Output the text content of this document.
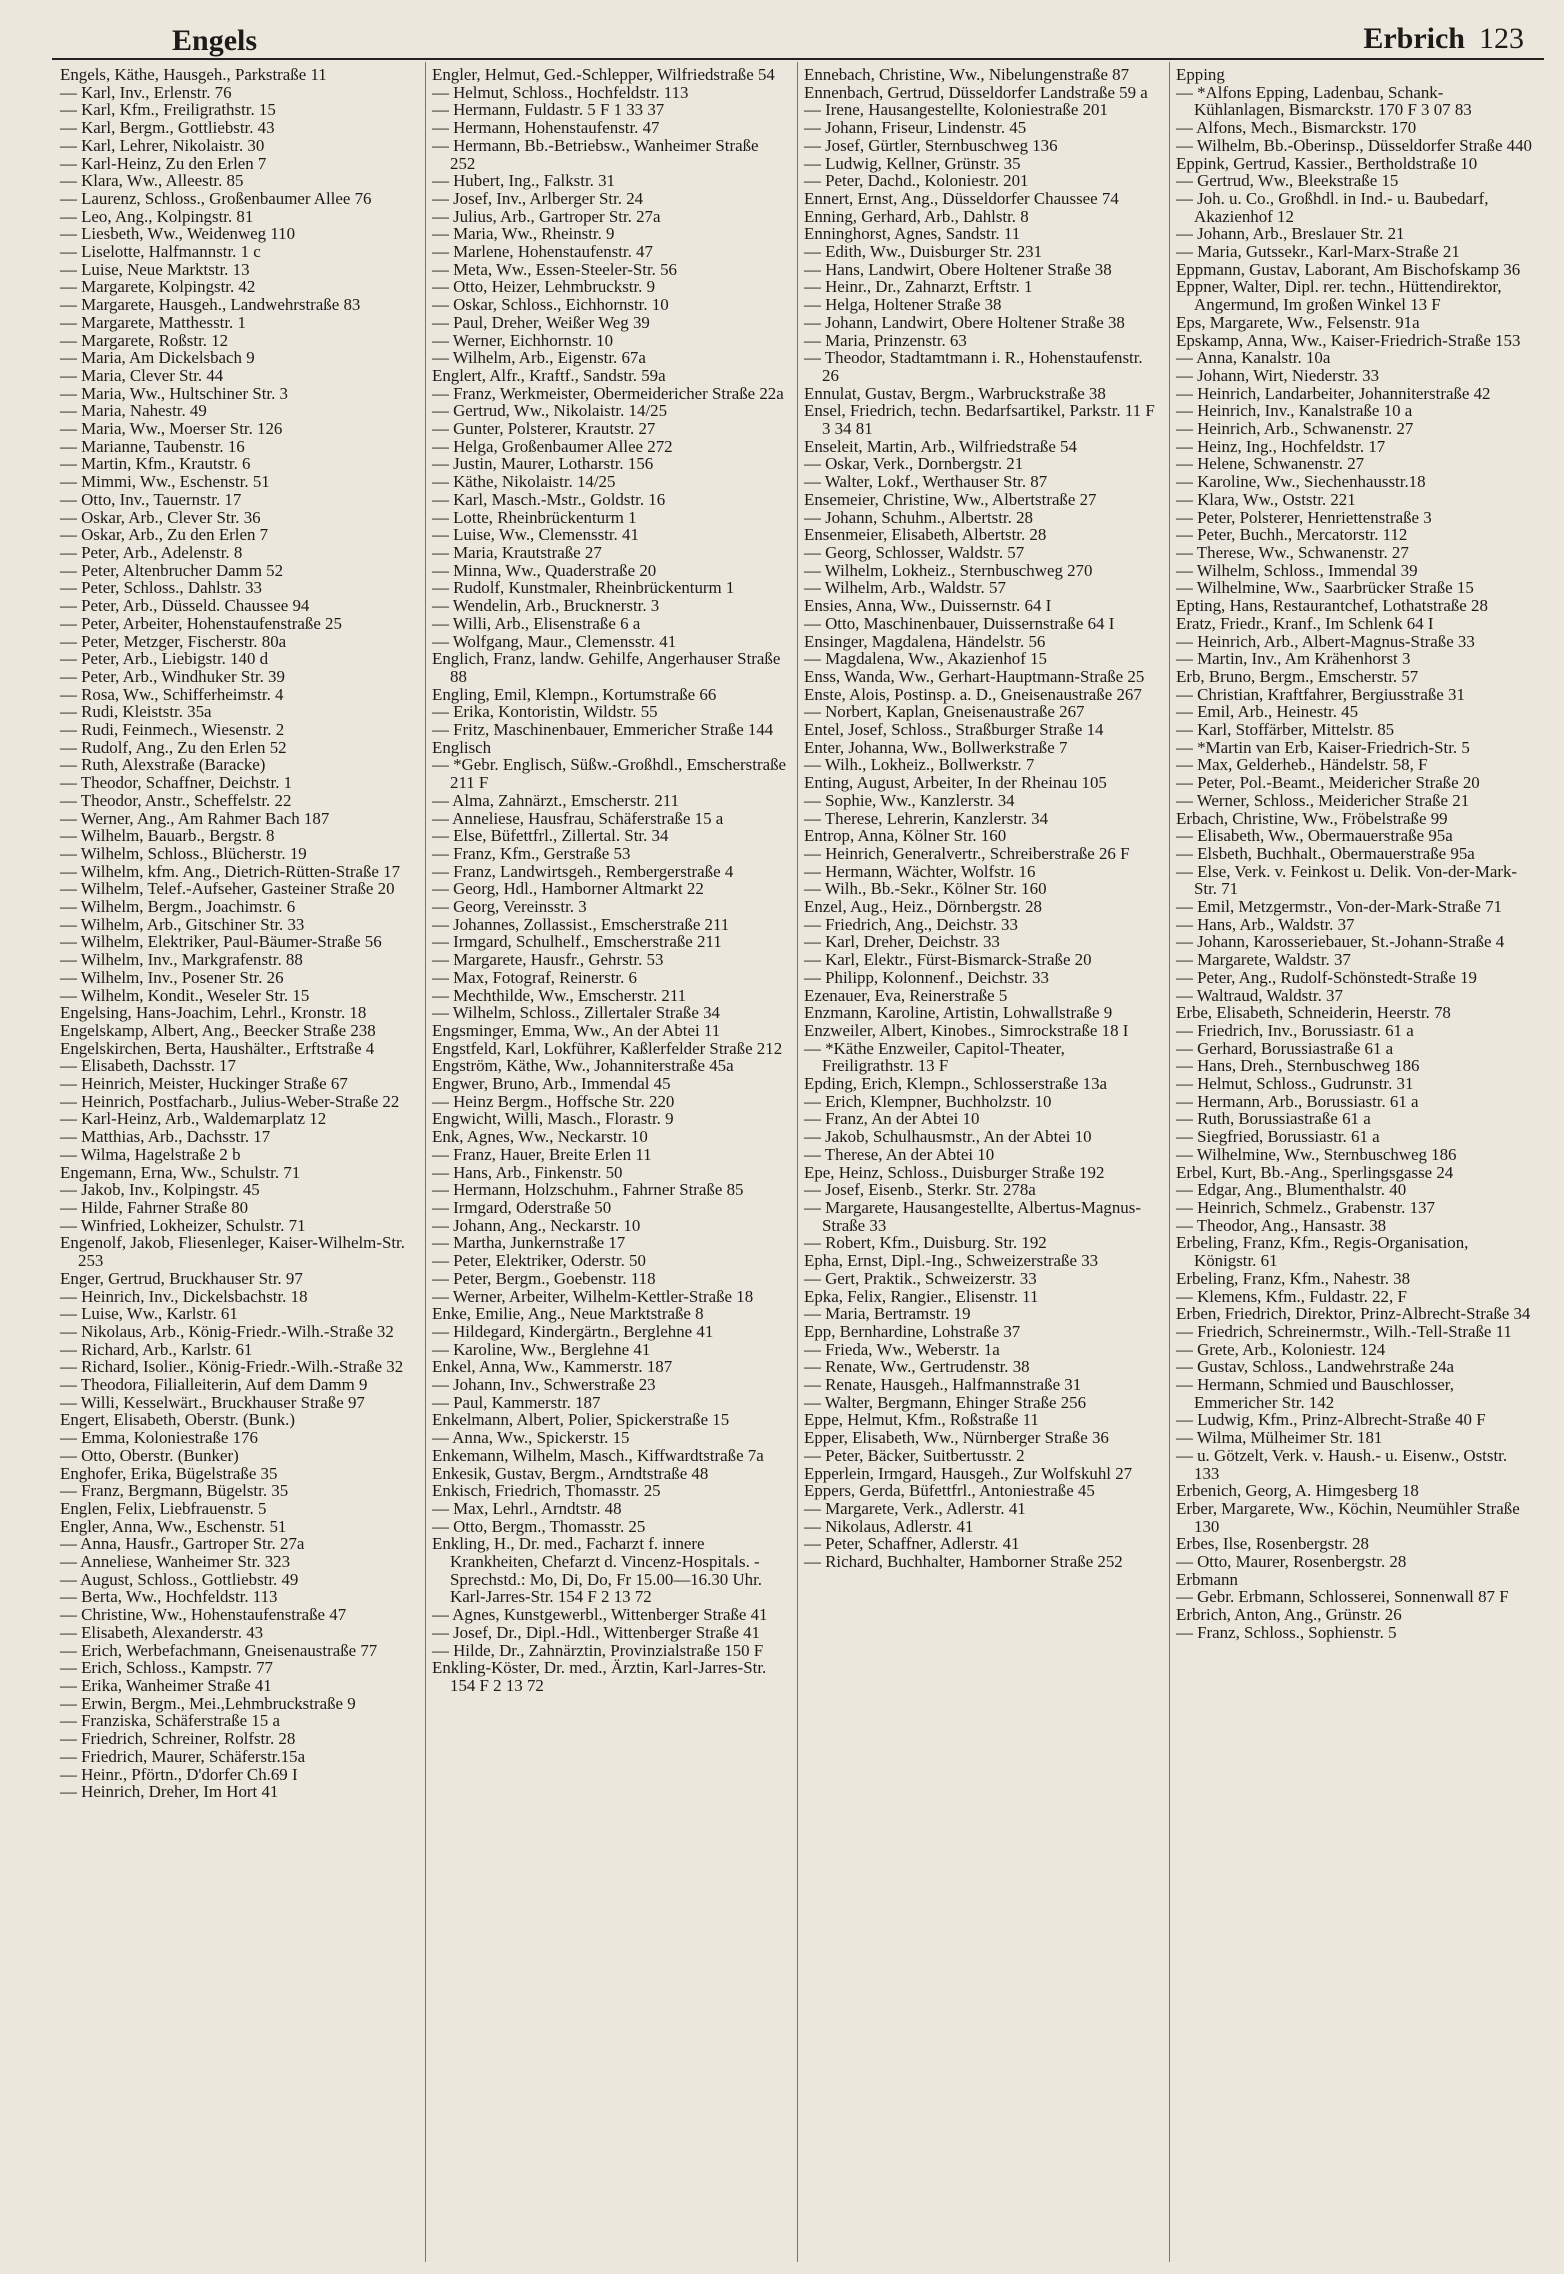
Engels	Erbrich 123

Engels, Käthe, Hausgeh., Parkstraße 11

— Karl, Inv., Erlenstr. 76

— Karl, Kfm., Freiligrathstr. 15

— Karl, Bergm., Gottliebstr. 43

— Karl, Lehrer, Nikolaistr. 30

— Karl-Heinz, Zu den Erlen 7

— Klara, Ww., Alleestr. 85

— Laurenz, Schloss., Großenbaumer Allee 76

— Leo, Ang., Kolpingstr. 81

— Liesbeth, Ww., Weidenweg 110

— Liselotte, Halfmannstr. 1 c

— Luise, Neue Marktstr. 13

— Margarete, Kolpingstr. 42

— Margarete, Hausgeh., Landwehrstraße 83

— Margarete, Matthesstr. 1

— Margarete, Roßstr. 12

— Maria, Am Dickelsbach 9

— Maria, Clever Str. 44

— Maria, Ww., Hultschiner Str. 3

— Maria, Nahestr. 49

— Maria, Ww., Moerser Str. 126

— Marianne, Taubenstr. 16

— Martin, Kfm., Krautstr. 6

— Mimmi, Ww., Eschenstr. 51

— Otto, Inv., Tauernstr. 17

— Oskar, Arb., Clever Str. 36

— Oskar, Arb., Zu den Erlen 7

— Peter, Arb., Adelenstr. 8

— Peter, Altenbrucher Damm 52

— Peter, Schloss., Dahlstr. 33

— Peter, Arb., Düsseld. Chaussee 94

— Peter, Arbeiter, Hohenstaufenstraße 25

— Peter, Metzger, Fischerstr. 80a

— Peter, Arb., Liebigstr. 140 d

— Peter, Arb., Windhuker Str. 39

— Rosa, Ww., Schifferheimstr. 4

— Rudi, Kleiststr. 35a

— Rudi, Feinmech., Wiesenstr. 2

— Rudolf, Ang., Zu den Erlen 52

— Ruth, Alexstraße (Baracke)

— Theodor, Schaffner, Deichstr. 1

— Theodor, Anstr., Scheffelstr. 22

— Werner, Ang., Am Rahmer Bach 187

— Wilhelm, Bauarb., Bergstr. 8

— Wilhelm, Schloss., Blücherstr. 19

— Wilhelm, kfm. Ang., Dietrich-Rütten-Straße 17

— Wilhelm, Telef.-Aufseher, Gasteiner Straße 20

— Wilhelm, Bergm., Joachimstr. 6

— Wilhelm, Arb., Gitschiner Str. 33

— Wilhelm, Elektriker, Paul-Bäumer-Straße 56

— Wilhelm, Inv., Markgrafenstr. 88

— Wilhelm, Inv., Posener Str. 26

— Wilhelm, Kondit., Weseler Str. 15

Engelsing, Hans-Joachim, Lehrl., Kronstr. 18

Engelskamp, Albert, Ang., Beecker Straße 238

Engelskirchen, Berta, Haushälter., Erftstraße 4

— Elisabeth, Dachsstr. 17

— Heinrich, Meister, Huckinger Straße 67

— Heinrich, Postfacharb., Julius-Weber-Straße 22

— Karl-Heinz, Arb., Waldemarplatz 12

— Matthias, Arb., Dachsstr. 17

— Wilma, Hagelstraße 2 b

Engemann, Erna, Ww., Schulstr. 71

— Jakob, Inv., Kolpingstr. 45

— Hilde, Fahrner Straße 80

— Winfried, Lokheizer, Schulstr. 71

Engenolf, Jakob, Fliesenleger, Kaiser-Wilhelm-Str. 253

Enger, Gertrud, Bruckhauser Str. 97

— Heinrich, Inv., Dickelsbachstr. 18

— Luise, Ww., Karlstr. 61

— Nikolaus, Arb., König-Friedr.-Wilh.-Straße 32

— Richard, Arb., Karlstr. 61

— Richard, Isolier., König-Friedr.-Wilh.-Straße 32

— Theodora, Filialleiterin, Auf dem Damm 9

— Willi, Kesselwärt., Bruckhauser Straße 97

Engert, Elisabeth, Oberstr. (Bunk.)

— Emma, Koloniestraße 176

— Otto, Oberstr. (Bunker)

Enghofer, Erika, Bügelstraße 35

— Franz, Bergmann, Bügelstr. 35

Englen, Felix, Liebfrauenstr. 5

Engler, Anna, Ww., Eschenstr. 51

— Anna, Hausfr., Gartroper Str. 27a

— Anneliese, Wanheimer Str. 323

— August, Schloss., Gottliebstr. 49

— Berta, Ww., Hochfeldstr. 113

— Christine, Ww., Hohenstaufenstraße 47

— Elisabeth, Alexanderstr. 43

— Erich, Werbefachmann, Gneisenaustraße 77

— Erich, Schloss., Kampstr. 77

— Erika, Wanheimer Straße 41

— Erwin, Bergm., Mei.,Lehmbruckstraße 9

— Franziska, Schäferstraße 15 a

— Friedrich, Schreiner, Rolfstr. 28

— Friedrich, Maurer, Schäferstr.15a

— Heinr., Pförtn., D'dorfer Ch.69 I

— Heinrich, Dreher, Im Hort 41

Engler, Helmut, Ged.-Schlepper, Wilfriedstraße 54

— Helmut, Schloss., Hochfeldstr. 113

— Hermann, Fuldastr. 5 F 1 33 37

— Hermann, Hohenstaufenstr. 47

— Hermann, Bb.-Betriebsw., Wanheimer Straße 252

— Hubert, Ing., Falkstr. 31

— Josef, Inv., Arlberger Str. 24

— Julius, Arb., Gartroper Str. 27a

— Maria, Ww., Rheinstr. 9

— Marlene, Hohenstaufenstr. 47

— Meta, Ww., Essen-Steeler-Str. 56

— Otto, Heizer, Lehmbruckstr. 9

— Oskar, Schloss., Eichhornstr. 10

— Paul, Dreher, Weißer Weg 39

— Werner, Eichhornstr. 10

— Wilhelm, Arb., Eigenstr. 67a

Englert, Alfr., Kraftf., Sandstr. 59a

— Franz, Werkmeister, Obermeidericher Straße 22a

— Gertrud, Ww., Nikolaistr. 14/25

— Gunter, Polsterer, Krautstr. 27

— Helga, Großenbaumer Allee 272

— Justin, Maurer, Lotharstr. 156

— Käthe, Nikolaistr. 14/25

— Karl, Masch.-Mstr., Goldstr. 16

— Lotte, Rheinbrückenturm 1

— Luise, Ww., Clemensstr. 41

— Maria, Krautstraße 27

— Minna, Ww., Quaderstraße 20

— Rudolf, Kunstmaler, Rheinbrückenturm 1

— Wendelin, Arb., Brucknerstr. 3

— Willi, Arb., Elisenstraße 6 a

— Wolfgang, Maur., Clemensstr. 41

Englich, Franz, landw. Gehilfe, Angerhauser Straße 88

Engling, Emil, Klempn., Kortumstraße 66

— Erika, Kontoristin, Wildstr. 55

— Fritz, Maschinenbauer, Emmericher Straße 144

Englisch

— *Gebr. Englisch, Süßw.-Großhdl., Emscherstraße 211 F

— Alma, Zahnärzt., Emscherstr. 211

— Anneliese, Hausfrau, Schäferstraße 15 a

— Else, Büfettfrl., Zillertal. Str. 34

— Franz, Kfm., Gerstraße 53

— Franz, Landwirtsgeh., Rembergerstraße 4

— Georg, Hdl., Hamborner Altmarkt 22

— Georg, Vereinsstr. 3

— Johannes, Zollassist., Emscherstraße 211

— Irmgard, Schulhelf., Emscherstraße 211

— Margarete, Hausfr., Gehrstr. 53

— Max, Fotograf, Reinerstr. 6

— Mechthilde, Ww., Emscherstr. 211

— Wilhelm, Schloss., Zillertaler Straße 34

Engsminger, Emma, Ww., An der Abtei 11

Engstfeld, Karl, Lokführer, Kaßlerfelder Straße 212

Engström, Käthe, Ww., Johanniterstraße 45a

Engwer, Bruno, Arb., Immendal 45

— Heinz Bergm., Hoffsche Str. 220

Engwicht, Willi, Masch., Florastr. 9

Enk, Agnes, Ww., Neckarstr. 10

— Franz, Hauer, Breite Erlen 11

— Hans, Arb., Finkenstr. 50

— Hermann, Holzschuhm., Fahrner Straße 85

— Irmgard, Oderstraße 50

— Johann, Ang., Neckarstr. 10

— Martha, Junkernstraße 17

— Peter, Elektriker, Oderstr. 50

— Peter, Bergm., Goebenstr. 118

— Werner, Arbeiter, Wilhelm-Kettler-Straße 18

Enke, Emilie, Ang., Neue Marktstraße 8

— Hildegard, Kindergärtn., Berglehne 41

— Karoline, Ww., Berglehne 41

Enkel, Anna, Ww., Kammerstr. 187

— Johann, Inv., Schwerstraße 23

— Paul, Kammerstr. 187

Enkelmann, Albert, Polier, Spickerstraße 15

— Anna, Ww., Spickerstr. 15

Enkemann, Wilhelm, Masch., Kiffwardtstraße 7a

Enkesik, Gustav, Bergm., Arndtstraße 48

Enkisch, Friedrich, Thomasstr. 25

— Max, Lehrl., Arndtstr. 48

— Otto, Bergm., Thomasstr. 25

Enkling, H., Dr. med., Facharzt f. innere Krankheiten, Chefarzt d. Vincenz-Hospitals. - Sprechstd.: Mo, Di, Do, Fr 15.00—16.30 Uhr. Karl-Jarres-Str. 154 F 2 13 72

— Agnes, Kunstgewerbl., Wittenberger Straße 41

— Josef, Dr., Dipl.-Hdl., Wittenberger Straße 41

— Hilde, Dr., Zahnärztin, Provinzialstraße 150 F

Enkling-Köster, Dr. med., Ärztin, Karl-Jarres-Str. 154 F 2 13 72

Ennebach, Christine, Ww., Nibelungenstraße 87

Ennenbach, Gertrud, Düsseldorfer Landstraße 59 a

— Irene, Hausangestellte, Koloniestraße 201

— Johann, Friseur, Lindenstr. 45

— Josef, Gürtler, Sternbuschweg 136

— Ludwig, Kellner, Grünstr. 35

— Peter, Dachd., Koloniestr. 201

Ennert, Ernst, Ang., Düsseldorfer Chaussee 74

Enning, Gerhard, Arb., Dahlstr. 8

Enninghorst, Agnes, Sandstr. 11

— Edith, Ww., Duisburger Str. 231

— Hans, Landwirt, Obere Holtener Straße 38

— Heinr., Dr., Zahnarzt, Erftstr. 1

— Helga, Holtener Straße 38

— Johann, Landwirt, Obere Holtener Straße 38

— Maria, Prinzenstr. 63

— Theodor, Stadtamtmann i. R., Hohenstaufenstr. 26

Ennulat, Gustav, Bergm., Warbruckstraße 38

Ensel, Friedrich, techn. Bedarfsartikel, Parkstr. 11 F 3 34 81

Enseleit, Martin, Arb., Wilfriedstraße 54

— Oskar, Verk., Dornbergstr. 21

— Walter, Lokf., Werthauser Str. 87

Ensemeier, Christine, Ww., Albertstraße 27

— Johann, Schuhm., Albertstr. 28

Ensenmeier, Elisabeth, Albertstr. 28

— Georg, Schlosser, Waldstr. 57

— Wilhelm, Lokheiz., Sternbuschweg 270

— Wilhelm, Arb., Waldstr. 57

Ensies, Anna, Ww., Duissernstr. 64 I

— Otto, Maschinenbauer, Duissernstraße 64 I

Ensinger, Magdalena, Händelstr. 56

— Magdalena, Ww., Akazienhof 15

Enss, Wanda, Ww., Gerhart-Hauptmann-Straße 25

Enste, Alois, Postinsp. a. D., Gneisenaustraße 267

— Norbert, Kaplan, Gneisenaustraße 267

Entel, Josef, Schloss., Straßburger Straße 14

Enter, Johanna, Ww., Bollwerkstraße 7

— Wilh., Lokheiz., Bollwerkstr. 7

Enting, August, Arbeiter, In der Rheinau 105

— Sophie, Ww., Kanzlerstr. 34

— Therese, Lehrerin, Kanzlerstr. 34

Entrop, Anna, Kölner Str. 160

— Heinrich, Generalvertr., Schreiberstraße 26 F

— Hermann, Wächter, Wolfstr. 16

— Wilh., Bb.-Sekr., Kölner Str. 160

Enzel, Aug., Heiz., Dörnbergstr. 28

— Friedrich, Ang., Deichstr. 33

— Karl, Dreher, Deichstr. 33

— Karl, Elektr., Fürst-Bismarck-Straße 20

— Philipp, Kolonnenf., Deichstr. 33

Ezenauer, Eva, Reinerstraße 5

Enzmann, Karoline, Artistin, Lohwallstraße 9

Enzweiler, Albert, Kinobes., Simrockstraße 18 I

— *Käthe Enzweiler, Capitol-Theater, Freiligrathstr. 13 F

Epding, Erich, Klempn., Schlosserstraße 13a

— Erich, Klempner, Buchholzstr. 10

— Franz, An der Abtei 10

— Jakob, Schulhausmstr., An der Abtei 10

— Therese, An der Abtei 10

Epe, Heinz, Schloss., Duisburger Straße 192

— Josef, Eisenb., Sterkr. Str. 278a

— Margarete, Hausangestellte, Albertus-Magnus-Straße 33

— Robert, Kfm., Duisburg. Str. 192

Epha, Ernst, Dipl.-Ing., Schweizerstraße 33

— Gert, Praktik., Schweizerstr. 33

Epka, Felix, Rangier., Elisenstr. 11

— Maria, Bertramstr. 19

Epp, Bernhardine, Lohstraße 37

— Frieda, Ww., Weberstr. 1a

— Renate, Ww., Gertrudenstr. 38

— Renate, Hausgeh., Halfmannstraße 31

— Walter, Bergmann, Ehinger Straße 256

Eppe, Helmut, Kfm., Roßstraße 11

Epper, Elisabeth, Ww., Nürnberger Straße 36

— Peter, Bäcker, Suitbertusstr. 2

Epperlein, Irmgard, Hausgeh., Zur Wolfskuhl 27

Eppers, Gerda, Büfettfrl., Antoniestraße 45

— Margarete, Verk., Adlerstr. 41

— Nikolaus, Adlerstr. 41

— Peter, Schaffner, Adlerstr. 41

— Richard, Buchhalter, Hamborner Straße 252

Epping

— *Alfons Epping, Ladenbau, Schank-Kühlanlagen, Bismarckstr. 170 F 3 07 83

— Alfons, Mech., Bismarckstr. 170

— Wilhelm, Bb.-Oberinsp., Düsseldorfer Straße 440

Eppink, Gertrud, Kassier., Bertholdstraße 10

— Gertrud, Ww., Bleekstraße 15

— Joh. u. Co., Großhdl. in Ind.- u. Baubedarf, Akazienhof 12

— Johann, Arb., Breslauer Str. 21

— Maria, Gutssekr., Karl-Marx-Straße 21

Eppmann, Gustav, Laborant, Am Bischofskamp 36

Eppner, Walter, Dipl. rer. techn., Hüttendirektor, Angermund, Im großen Winkel 13 F

Eps, Margarete, Ww., Felsenstr. 91a

Epskamp, Anna, Ww., Kaiser-Friedrich-Straße 153

— Anna, Kanalstr. 10a

— Johann, Wirt, Niederstr. 33

— Heinrich, Landarbeiter, Johanniterstraße 42

— Heinrich, Inv., Kanalstraße 10 a

— Heinrich, Arb., Schwanenstr. 27

— Heinz, Ing., Hochfeldstr. 17

— Helene, Schwanenstr. 27

— Karoline, Ww., Siechenhausstr.18

— Klara, Ww., Oststr. 221

— Peter, Polsterer, Henriettenstraße 3

— Peter, Buchh., Mercatorstr. 112

— Therese, Ww., Schwanenstr. 27

— Wilhelm, Schloss., Immendal 39

— Wilhelmine, Ww., Saarbrücker Straße 15

Epting, Hans, Restaurantchef, Lothatstraße 28

Eratz, Friedr., Kranf., Im Schlenk 64 I

— Heinrich, Arb., Albert-Magnus-Straße 33

— Martin, Inv., Am Krähenhorst 3

Erb, Bruno, Bergm., Emscherstr. 57

— Christian, Kraftfahrer, Bergiusstraße 31

— Emil, Arb., Heinestr. 45

— Karl, Stoffärber, Mittelstr. 85

— *Martin van Erb, Kaiser-Friedrich-Str. 5

— Max, Gelderheb., Händelstr. 58, F

— Peter, Pol.-Beamt., Meidericher Straße 20

— Werner, Schloss., Meidericher Straße 21

Erbach, Christine, Ww., Fröbelstraße 99

— Elisabeth, Ww., Obermauerstraße 95a

— Elsbeth, Buchhalt., Obermauerstraße 95a

— Else, Verk. v. Feinkost u. Delik. Von-der-Mark-Str. 71

— Emil, Metzgermstr., Von-der-Mark-Straße 71

— Hans, Arb., Waldstr. 37

— Johann, Karosseriebauer, St.-Johann-Straße 4

— Margarete, Waldstr. 37

— Peter, Ang., Rudolf-Schönstedt-Straße 19

— Waltraud, Waldstr. 37

Erbe, Elisabeth, Schneiderin, Heerstr. 78

— Friedrich, Inv., Borussiastr. 61 a

— Gerhard, Borussiastraße 61 a

— Hans, Dreh., Sternbuschweg 186

— Helmut, Schloss., Gudrunstr. 31

— Hermann, Arb., Borussiastr. 61 a

— Ruth, Borussiastraße 61 a

— Siegfried, Borussiastr. 61 a

— Wilhelmine, Ww., Sternbuschweg 186

Erbel, Kurt, Bb.-Ang., Sperlingsgasse 24

— Edgar, Ang., Blumenthalstr. 40

— Heinrich, Schmelz., Grabenstr. 137

— Theodor, Ang., Hansastr. 38

Erbeling, Franz, Kfm., Regis-Organisation, Königstr. 61

Erbeling, Franz, Kfm., Nahestr. 38

— Klemens, Kfm., Fuldastr. 22, F

Erben, Friedrich, Direktor, Prinz-Albrecht-Straße 34

— Friedrich, Schreinermstr., Wilh.-Tell-Straße 11

— Grete, Arb., Koloniestr. 124

— Gustav, Schloss., Landwehrstraße 24a

— Hermann, Schmied und Bauschlosser, Emmericher Str. 142

— Ludwig, Kfm., Prinz-Albrecht-Straße 40 F

— Wilma, Mülheimer Str. 181

— u. Götzelt, Verk. v. Haush.- u. Eisenw., Oststr. 133

Erbenich, Georg, A. Himgesberg 18

Erber, Margarete, Ww., Köchin, Neumühler Straße 130

Erbes, Ilse, Rosenbergstr. 28

— Otto, Maurer, Rosenbergstr. 28

Erbmann

— Gebr. Erbmann, Schlosserei, Sonnenwall 87 F

Erbrich, Anton, Ang., Grünstr. 26

— Franz, Schloss., Sophienstr. 5
